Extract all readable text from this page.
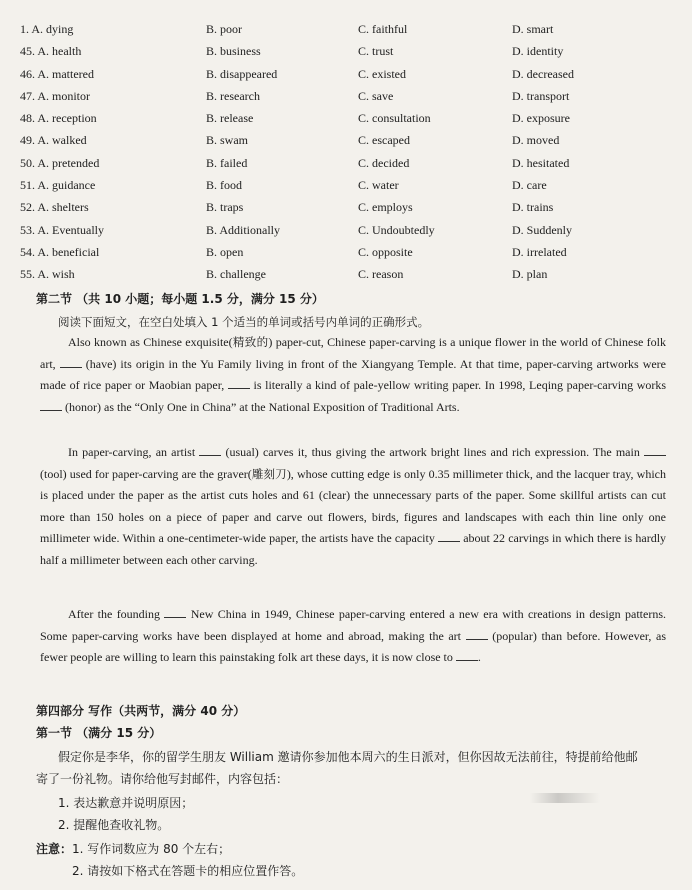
1. A. dying	B. poor	C. faithful	D. smart
45. A. health	B. business	C. trust	D. identity
46. A. mattered	B. disappeared	C. existed	D. decreased
47. A. monitor	B. research	C. save	D. transport
48. A. reception	B. release	C. consultation	D. exposure
49. A. walked	B. swam	C. escaped	D. moved
50. A. pretended	B. failed	C. decided	D. hesitated
51. A. guidance	B. food	C. water	D. care
52. A. shelters	B. traps	C. employs	D. trains
53. A. Eventually	B. Additionally	C. Undoubtedly	D. Suddenly
54. A. beneficial	B. open	C. opposite	D. irrelated
55. A. wish	B. challenge	C. reason	D. plan
第二节 （共 10 小题；每小题 1.5 分，满分 15 分）
阅读下面短文，在空白处填入 1 个适当的单词或括号内单词的正确形式。
Also known as Chinese exquisite(精致的) paper-cut, Chinese paper-carving is a unique flower in the world of Chinese folk art,	(have) its origin in the Yu Family living in front of the Xiangyang Temple. At that time, paper-carving artworks were made of rice paper or Maobian paper, is literally a kind of pale-yellow writing paper. In 1998, Leqing paper-carving works  (honor) as the “Only One in China” at the National Exposition of Traditional Arts.
In paper-carving, an artist	(usual) carves it, thus giving the artwork bright lines and rich expression. The main  (tool) used for paper-carving are the graver(雕刻刀), whose cutting edge is only 0.35 millimeter thick, and the lacquer tray, which is placed under the paper as the artist cuts holes and 61 (clear) the unnecessary parts of the paper. Some skillful artists can cut more than 150 holes on a piece of paper and carve out flowers, birds, figures and landscapes with each thin line only one millimeter wide. Within a one-centimeter-wide paper, the artists have the capacity about 22 carvings in which there is hardly half a millimeter between each other carving.
After the founding	New China in 1949, Chinese paper-carving entered a new era with creations in design patterns. Some paper-carving works have been displayed at home and abroad, making the art	(popular) than before. However, as fewer people are willing to learn this painstaking folk art these days, it is now close to .
第四部分 写作（共两节，满分 40 分）
第一节 （满分 15 分）
假定你是李华，你的留学生朋友 William 邀请你参加他本周六的生日派对，但你因故无法前往，特提前给他邮
寄了一份礼物。请你给他写封邮件，内容包括：
1. 表达歉意并说明原因；
2. 提醒他查收礼物。
注意： 1. 写作词数应为 80 个左右；
2. 请按如下格式在答题卡的相应位置作答。
